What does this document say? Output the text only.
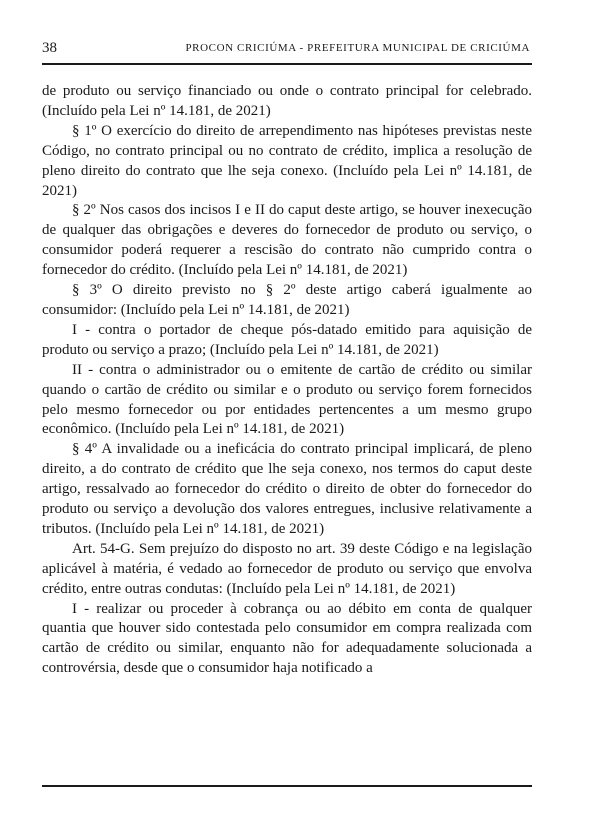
38	PROCON CRICIÚMA - PREFEITURA MUNICIPAL DE CRICIÚMA

de produto ou serviço financiado ou onde o contrato principal for celebrado. (Incluído pela Lei nº 14.181, de 2021)

§ 1º O exercício do direito de arrependimento nas hipóteses previstas neste Código, no contrato principal ou no contrato de crédito, implica a resolução de pleno direito do contrato que lhe seja conexo. (Incluído pela Lei nº 14.181, de 2021)

§ 2º Nos casos dos incisos I e II do caput deste artigo, se houver inexecução de qualquer das obrigações e deveres do fornecedor de produto ou serviço, o consumidor poderá requerer a rescisão do contrato não cumprido contra o fornecedor do crédito. (Incluído pela Lei nº 14.181, de 2021)

§ 3º O direito previsto no § 2º deste artigo caberá igualmente ao consumidor: (Incluído pela Lei nº 14.181, de 2021)

I - contra o portador de cheque pós-datado emitido para aquisição de produto ou serviço a prazo; (Incluído pela Lei nº 14.181, de 2021)

II - contra o administrador ou o emitente de cartão de crédito ou similar quando o cartão de crédito ou similar e o produto ou serviço forem fornecidos pelo mesmo fornecedor ou por entidades pertencentes a um mesmo grupo econômico. (Incluído pela Lei nº 14.181, de 2021)

§ 4º A invalidade ou a ineficácia do contrato principal implicará, de pleno direito, a do contrato de crédito que lhe seja conexo, nos termos do caput deste artigo, ressalvado ao fornecedor do crédito o direito de obter do fornecedor do produto ou serviço a devolução dos valores entregues, inclusive relativamente a tributos. (Incluído pela Lei nº 14.181, de 2021)

Art. 54-G. Sem prejuízo do disposto no art. 39 deste Código e na legislação aplicável à matéria, é vedado ao fornecedor de produto ou serviço que envolva crédito, entre outras condutas: (Incluído pela Lei nº 14.181, de 2021)

I - realizar ou proceder à cobrança ou ao débito em conta de qualquer quantia que houver sido contestada pelo consumidor em compra realizada com cartão de crédito ou similar, enquanto não for adequadamente solucionada a controvérsia, desde que o consumidor haja notificado a
